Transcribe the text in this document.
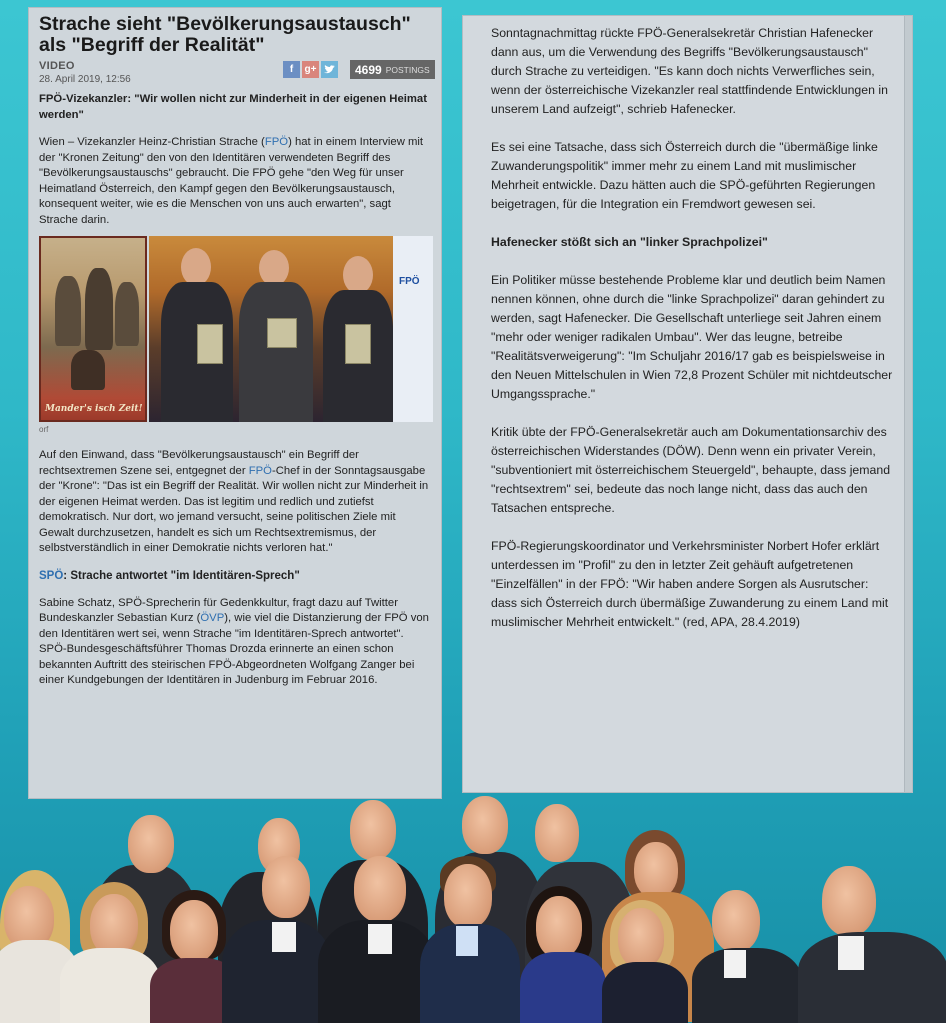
Strache sieht "Bevölkerungsaustausch" als "Begriff der Realität"
VIDEO
28. April 2019, 12:56
f	g+	4699 POSTINGS

FPÖ-Vizekanzler: "Wir wollen nicht zur Minderheit in der eigenen Heimat werden"

Wien – Vizekanzler Heinz-Christian Strache (FPÖ) hat in einem Interview mit der "Kronen Zeitung" den von den Identitären verwendeten Begriff des "Bevölkerungsaustauschs" gebraucht. Die FPÖ gehe "den Weg für unser Heimatland Österreich, den Kampf gegen den Bevölkerungsaustausch, konsequent weiter, wie es die Menschen von uns auch erwarten", sagt Strache darin.

Mander's isch Zeit!
FPÖ
orf

Auf den Einwand, dass "Bevölkerungsaustausch" ein Begriff der rechtsextremen Szene sei, entgegnet der FPÖ-Chef in der Sonntagsausgabe der "Krone": "Das ist ein Begriff der Realität. Wir wollen nicht zur Minderheit in der eigenen Heimat werden. Das ist legitim und redlich und zutiefst demokratisch. Nur dort, wo jemand versucht, seine politischen Ziele mit Gewalt durchzusetzen, handelt es sich um Rechtsextremismus, der selbstverständlich in einer Demokratie nichts verloren hat."

SPÖ: Strache antwortet "im Identitären-Sprech"

Sabine Schatz, SPÖ-Sprecherin für Gedenkkultur, fragt dazu auf Twitter Bundeskanzler Sebastian Kurz (ÖVP), wie viel die Distanzierung der FPÖ von den Identitären wert sei, wenn Strache "im Identitären-Sprech antwortet". SPÖ-Bundesgeschäftsführer Thomas Drozda erinnerte an einen schon bekannten Auftritt des steirischen FPÖ-Abgeordneten Wolfgang Zanger bei einer Kundgebungen der Identitären in Judenburg im Februar 2016.

Sonntagnachmittag rückte FPÖ-Generalsekretär Christian Hafenecker dann aus, um die Verwendung des Begriffs "Bevölkerungsaustausch" durch Strache zu verteidigen. "Es kann doch nichts Verwerfliches sein, wenn der österreichische Vizekanzler real stattfindende Entwicklungen in unserem Land aufzeigt", schrieb Hafenecker.

Es sei eine Tatsache, dass sich Österreich durch die "übermäßige linke Zuwanderungspolitik" immer mehr zu einem Land mit muslimischer Mehrheit entwickle. Dazu hätten auch die SPÖ-geführten Regierungen beigetragen, für die Integration ein Fremdwort gewesen sei.

Hafenecker stößt sich an "linker Sprachpolizei"

Ein Politiker müsse bestehende Probleme klar und deutlich beim Namen nennen können, ohne durch die "linke Sprachpolizei" daran gehindert zu werden, sagt Hafenecker. Die Gesellschaft unterliege seit Jahren einem "mehr oder weniger radikalen Umbau". Wer das leugne, betreibe "Realitätsverweigerung": "Im Schuljahr 2016/17 gab es beispielsweise in den Neuen Mittelschulen in Wien 72,8 Prozent Schüler mit nichtdeutscher Umgangssprache."

Kritik übte der FPÖ-Generalsekretär auch am Dokumentationsarchiv des österreichischen Widerstandes (DÖW). Denn wenn ein privater Verein, "subventioniert mit österreichischem Steuergeld", behaupte, dass jemand "rechtsextrem" sei, bedeute das noch lange nicht, dass das auch den Tatsachen entspreche.

FPÖ-Regierungskoordinator und Verkehrsminister Norbert Hofer erklärt unterdessen im "Profil" zu den in letzter Zeit gehäuft aufgetretenen "Einzelfällen" in der FPÖ: "Wir haben andere Sorgen als Ausrutscher: dass sich Österreich durch übermäßige Zuwanderung zu einem Land mit muslimischer Mehrheit entwickelt." (red, APA, 28.4.2019)
